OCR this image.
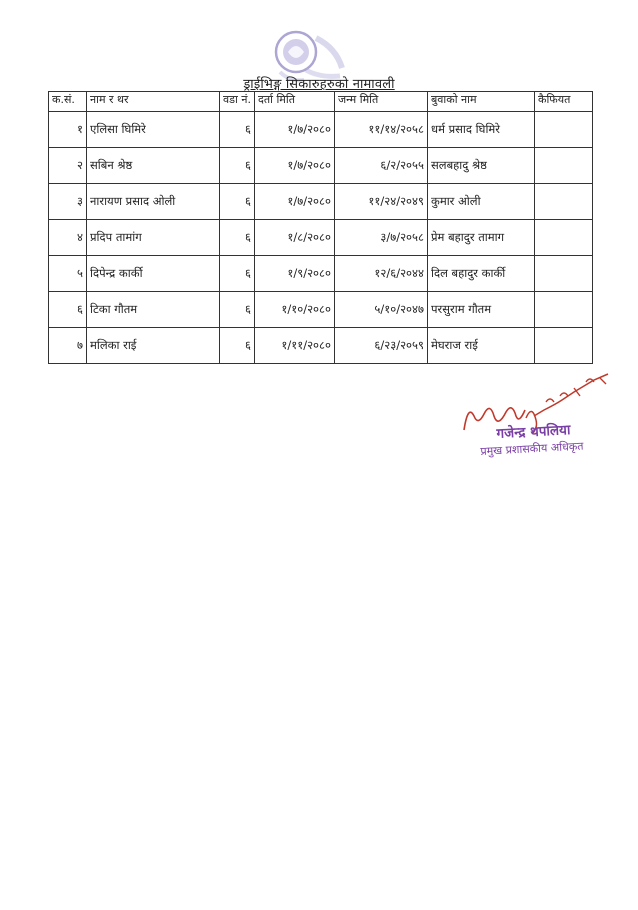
ड्राईभिङ्ग सिकारुहरुको नामावली
क.सं.	नाम र थर	वडा नं.	दर्ता मिति	जन्म मिति	बुवाको नाम	कैफियत
१	एलिसा घिमिरे	६	१/७/२०८०	११/१४/२०५८	धर्म प्रसाद घिमिरे	
२	सबिन श्रेष्ठ	६	१/७/२०८०	६/२/२०५५	सलबहादु श्रेष्ठ	
३	नारायण प्रसाद ओली	६	१/७/२०८०	११/२४/२०४९	कुमार ओली	
४	प्रदिप तामांग	६	१/८/२०८०	३/७/२०५८	प्रेम बहादुर तामाग	
५	दिपेन्द्र कार्की	६	१/९/२०८०	१२/६/२०४४	दिल बहादुर कार्की	
६	टिका गौतम	६	१/१०/२०८०	५/१०/२०४७	परसुराम गौतम	
७	मलिका राई	६	१/११/२०८०	६/२३/२०५९	मेघराज राई	
गजेन्द्र थपलिया
प्रमुख प्रशासकीय अधिकृत
